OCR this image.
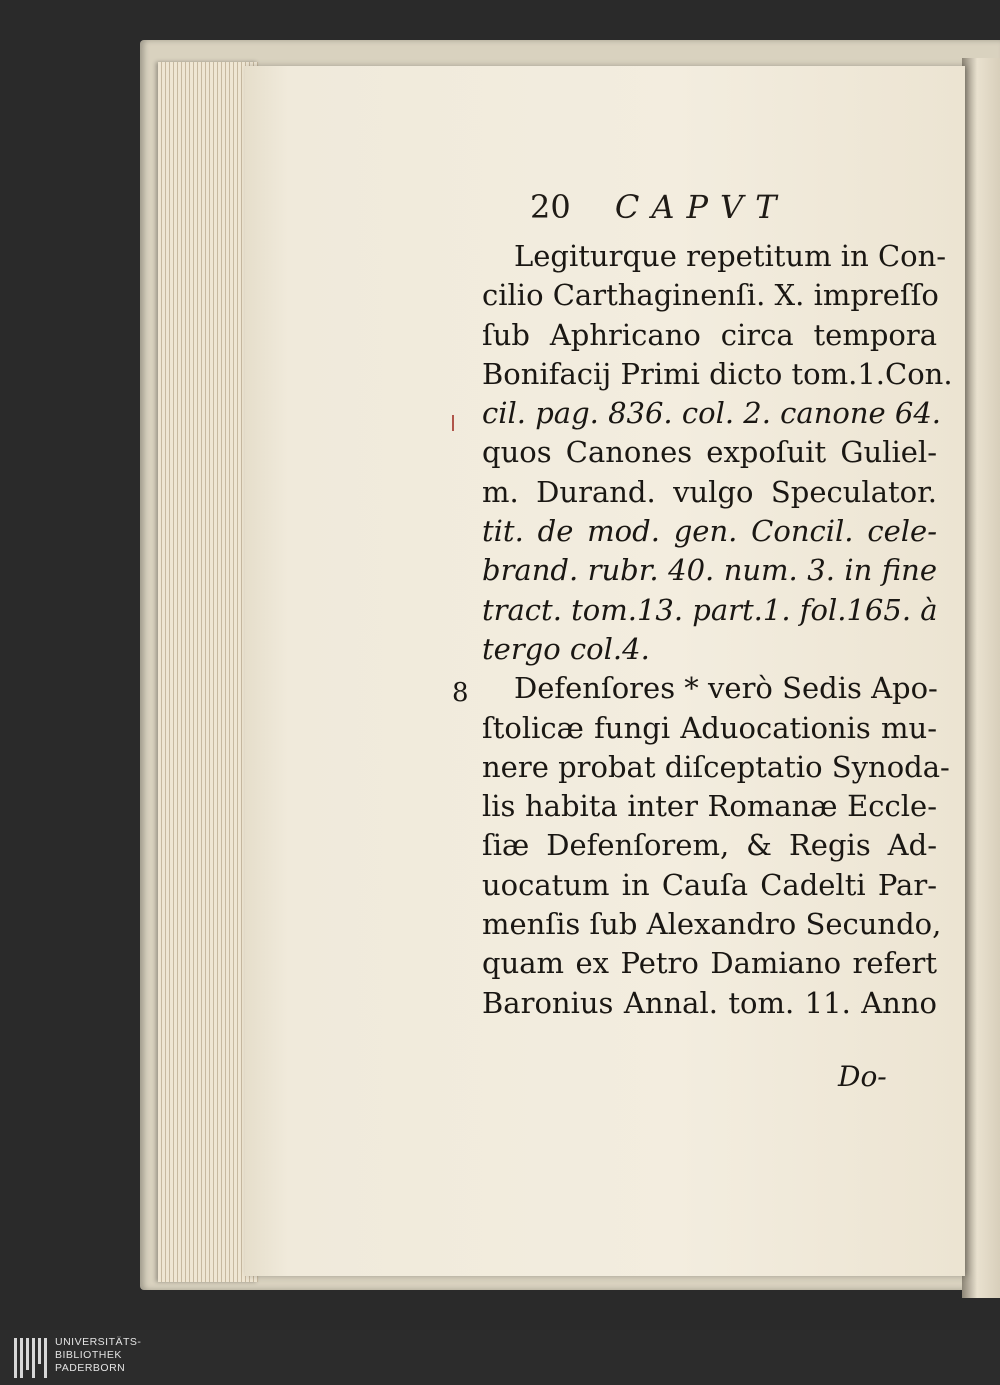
20 CAPVT
Legiturque repetitum in Con-
cilio Carthaginenſi. X. impreſſo
ſub Aphricano circa tempora
Bonifacij Primi dicto tom.1.Con.
cil. pag. 836. col. 2. canone 64.
quos Canones expoſuit Guliel-
m. Durand. vulgo Speculator.
tit. de mod. gen. Concil. cele-
brand. rubr. 40. num. 3. in fine
tract. tom.13. part.1. fol.165. à
tergo col.4.
Defenſores * verò Sedis Apo-
ſtolicæ fungi Aduocationis mu-
nere probat diſceptatio Synoda-
lis habita inter Romanæ Eccle-
ſiæ Defenſorem, & Regis Ad-
uocatum in Cauſa Cadelti Par-
menſis ſub Alexandro Secundo,
quam ex Petro Damiano refert
Baronius Annal. tom. 11. Anno
8
Do-
UNIVERSITÄTS-
BIBLIOTHEK
PADERBORN
